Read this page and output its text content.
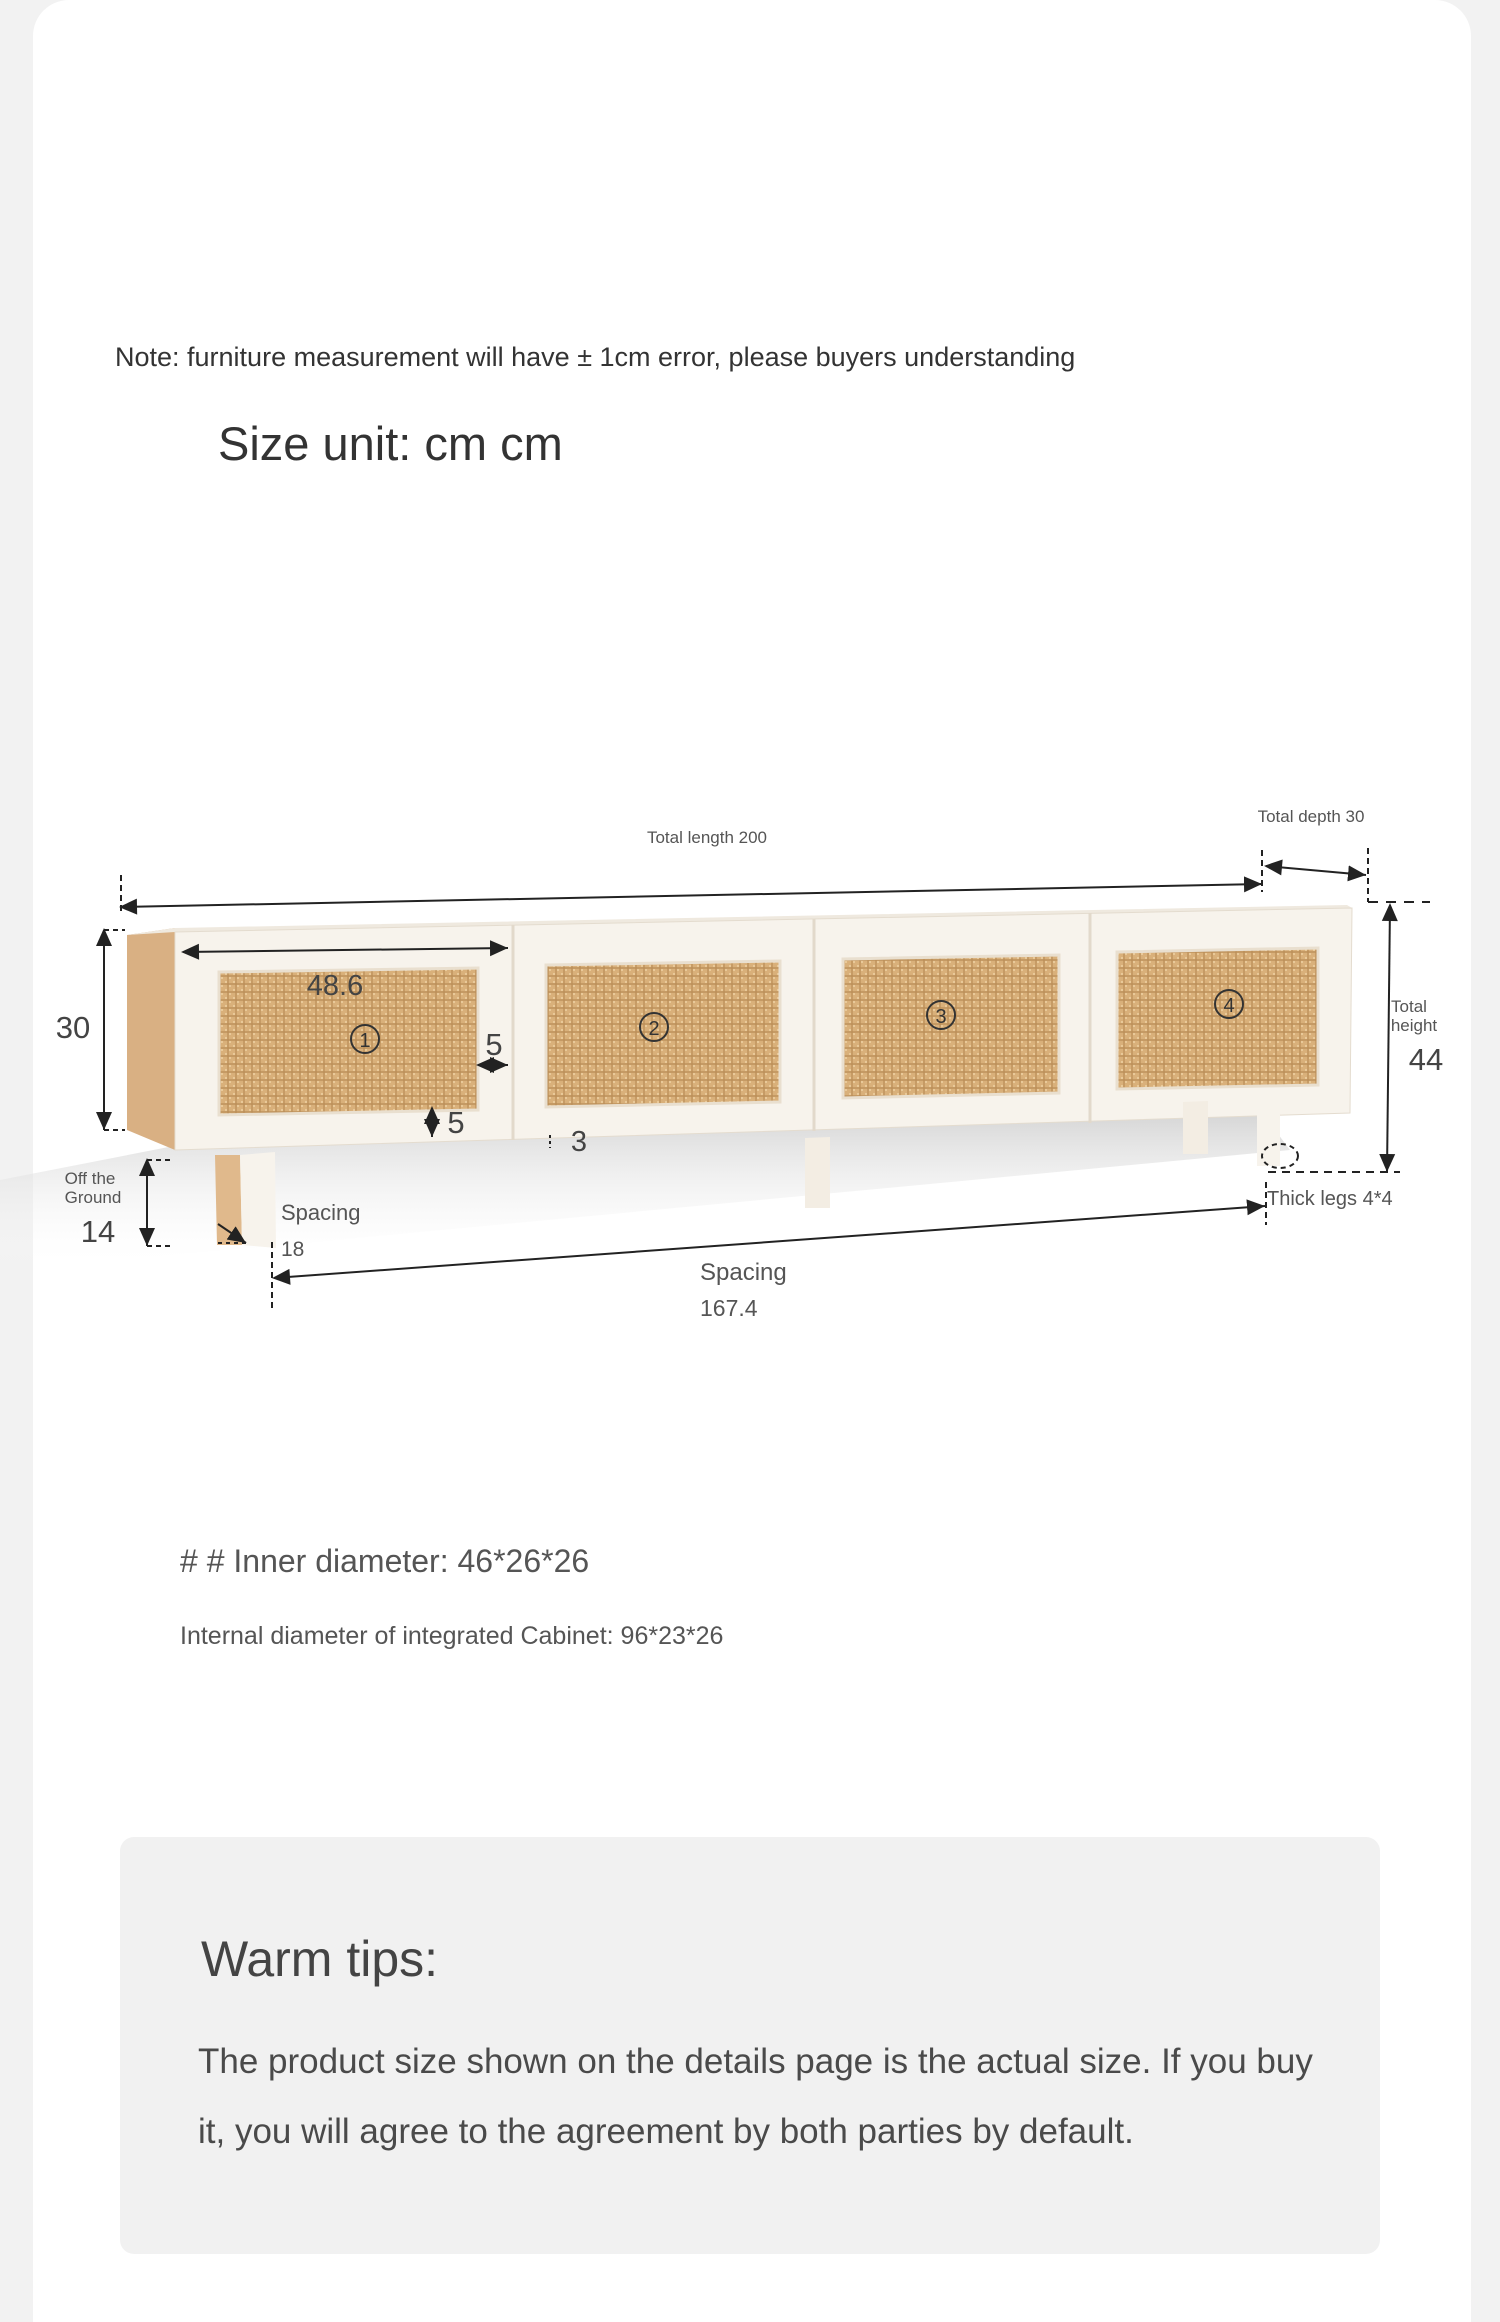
Note: furniture measurement will have ± 1cm error, please buyers understanding
Size unit: cm cm
1
2
3	4
Total length 200
Total depth 30
48.6
30	5
5
3
Total
height
44
Off the
Ground
14
Spacing
18
Spacing
167.4
Thick legs 4*4
# # Inner diameter: 46*26*26
Internal diameter of integrated Cabinet: 96*23*26
Warm tips:
The product size shown on the details page is the actual size. If you buy it, you will agree to the agreement by both parties by default.
